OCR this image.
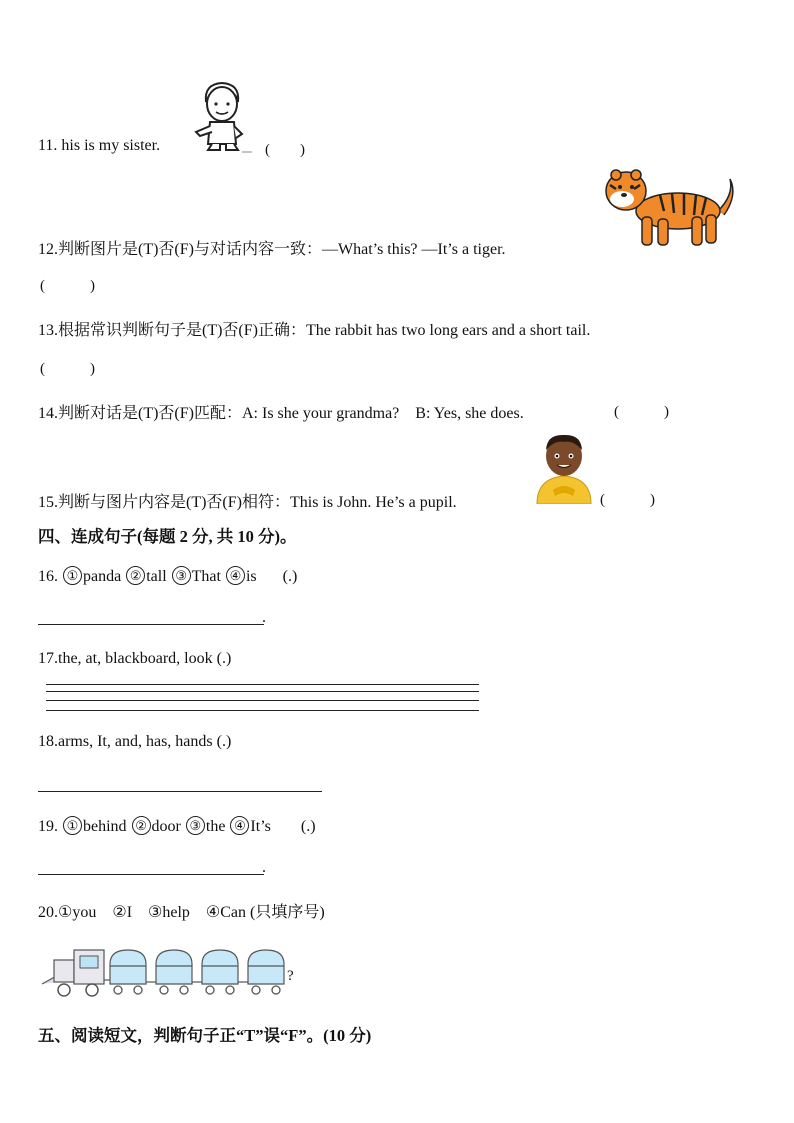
11. his is my sister.	(　　)
12.判断图片是(T)否(F)与对话内容一致：—What’s this? —It’s a tiger.
(　　　)
13.根据常识判断句子是(T)否(F)正确：The rabbit has two long ears and a short tail.
(　　　)
14.判断对话是(T)否(F)匹配：A: Is she your grandma?　B: Yes, she does.	(　　　)
15.判断与图片内容是(T)否(F)相符：This is John. He’s a pupil.	(　　　)
四、连成句子(每题 2 分, 共 10 分)。
16. ① panda ② tall ③ That ④ is (.)
.
17.the, at, blackboard, look (.)
18.arms, It, and, has, hands (.)
19. ① behind ② door ③ the ④ It’s (.)
.
20.①you　②I　③help　④Can (只填序号)
?
五、阅读短文，判断句子正“T”误“F”。(10 分)
